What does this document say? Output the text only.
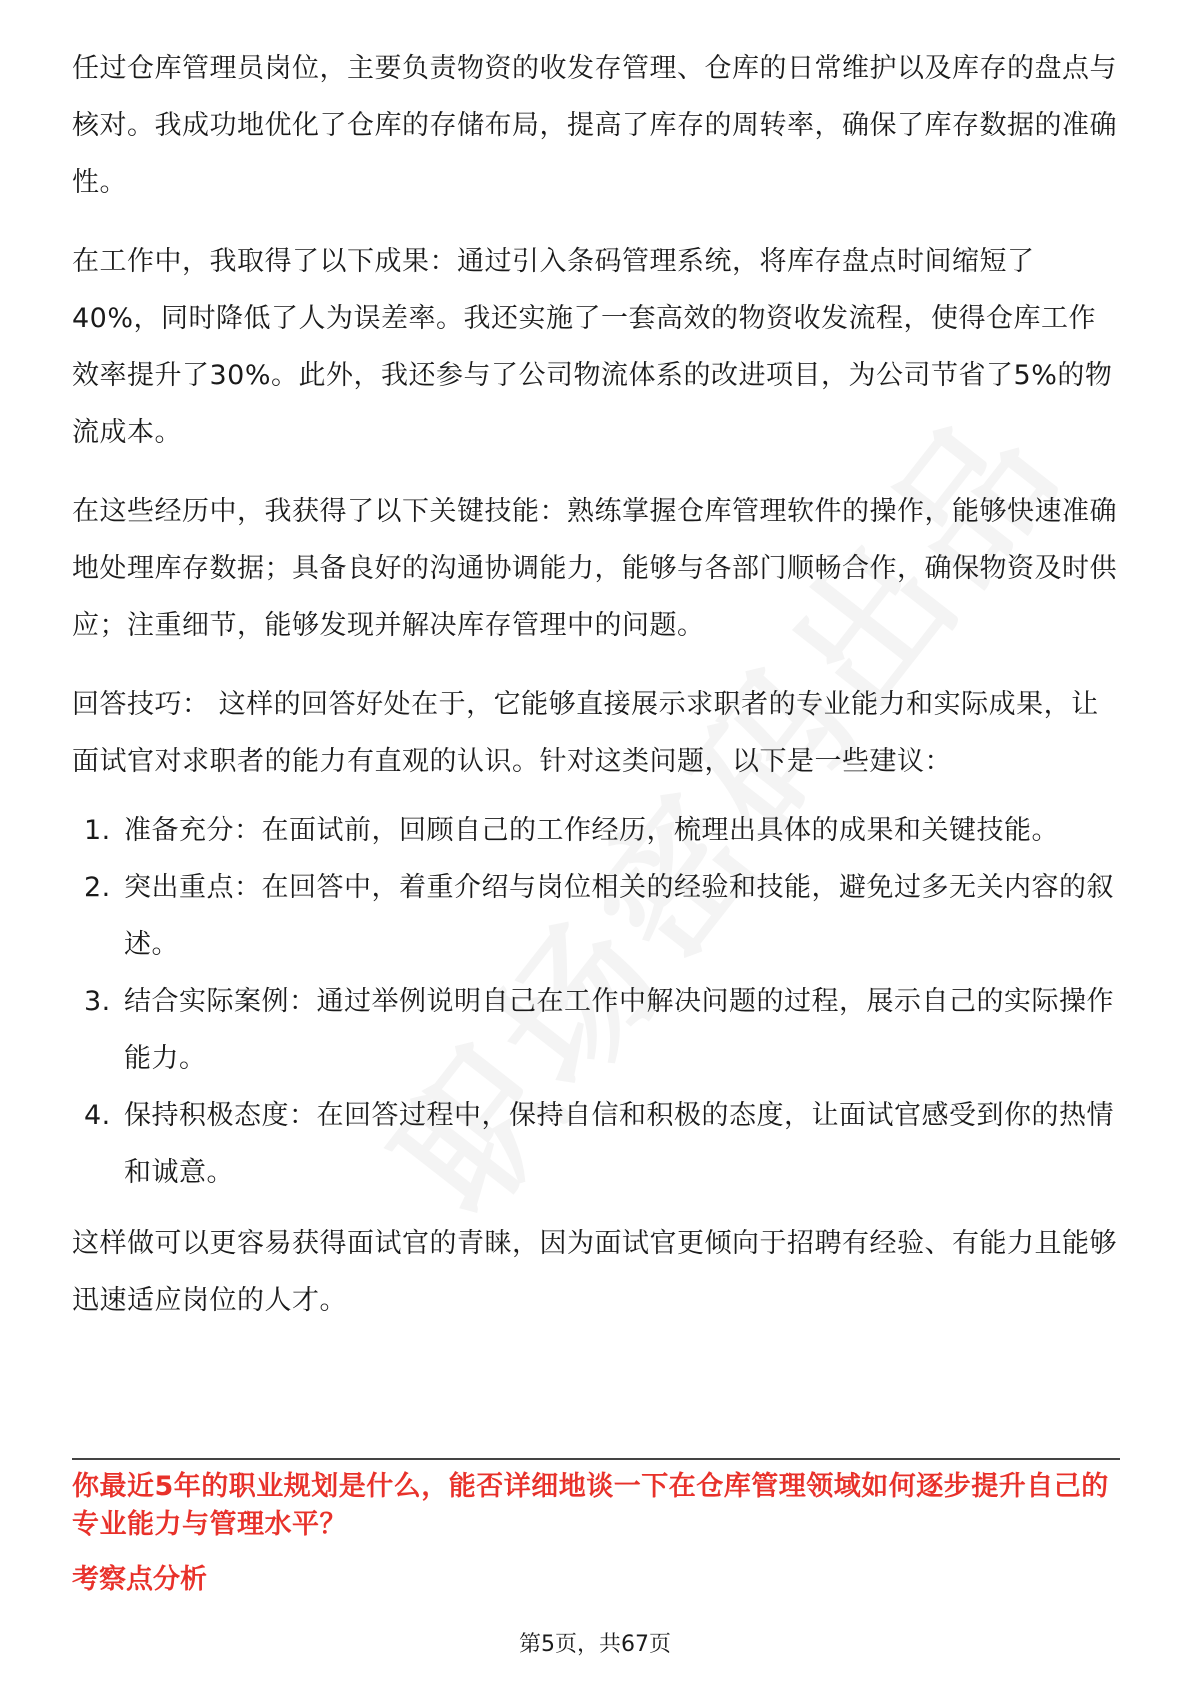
任过仓库管理员岗位，主要负责物资的收发存管理、仓库的日常维护以及库存的盘点与核对。我成功地优化了仓库的存储布局，提高了库存的周转率，确保了库存数据的准确性。

在工作中，我取得了以下成果：通过引入条码管理系统，将库存盘点时间缩短了40%，同时降低了人为误差率。我还实施了一套高效的物资收发流程，使得仓库工作效率提升了30%。此外，我还参与了公司物流体系的改进项目，为公司节省了5%的物流成本。

在这些经历中，我获得了以下关键技能：熟练掌握仓库管理软件的操作，能够快速准确地处理库存数据；具备良好的沟通协调能力，能够与各部门顺畅合作，确保物资及时供应；注重细节，能够发现并解决库存管理中的问题。

回答技巧： 这样的回答好处在于，它能够直接展示求职者的专业能力和实际成果，让面试官对求职者的能力有直观的认识。针对这类问题，以下是一些建议：

1. 准备充分：在面试前，回顾自己的工作经历，梳理出具体的成果和关键技能。
2. 突出重点：在回答中，着重介绍与岗位相关的经验和技能，避免过多无关内容的叙述。
3. 结合实际案例：通过举例说明自己在工作中解决问题的过程，展示自己的实际操作能力。
4. 保持积极态度：在回答过程中，保持自信和积极的态度，让面试官感受到你的热情和诚意。

这样做可以更容易获得面试官的青睐，因为面试官更倾向于招聘有经验、有能力且能够迅速适应岗位的人才。

你最近5年的职业规划是什么，能否详细地谈一下在仓库管理领域如何逐步提升自己的专业能力与管理水平？
考察点分析
第5页，共67页
